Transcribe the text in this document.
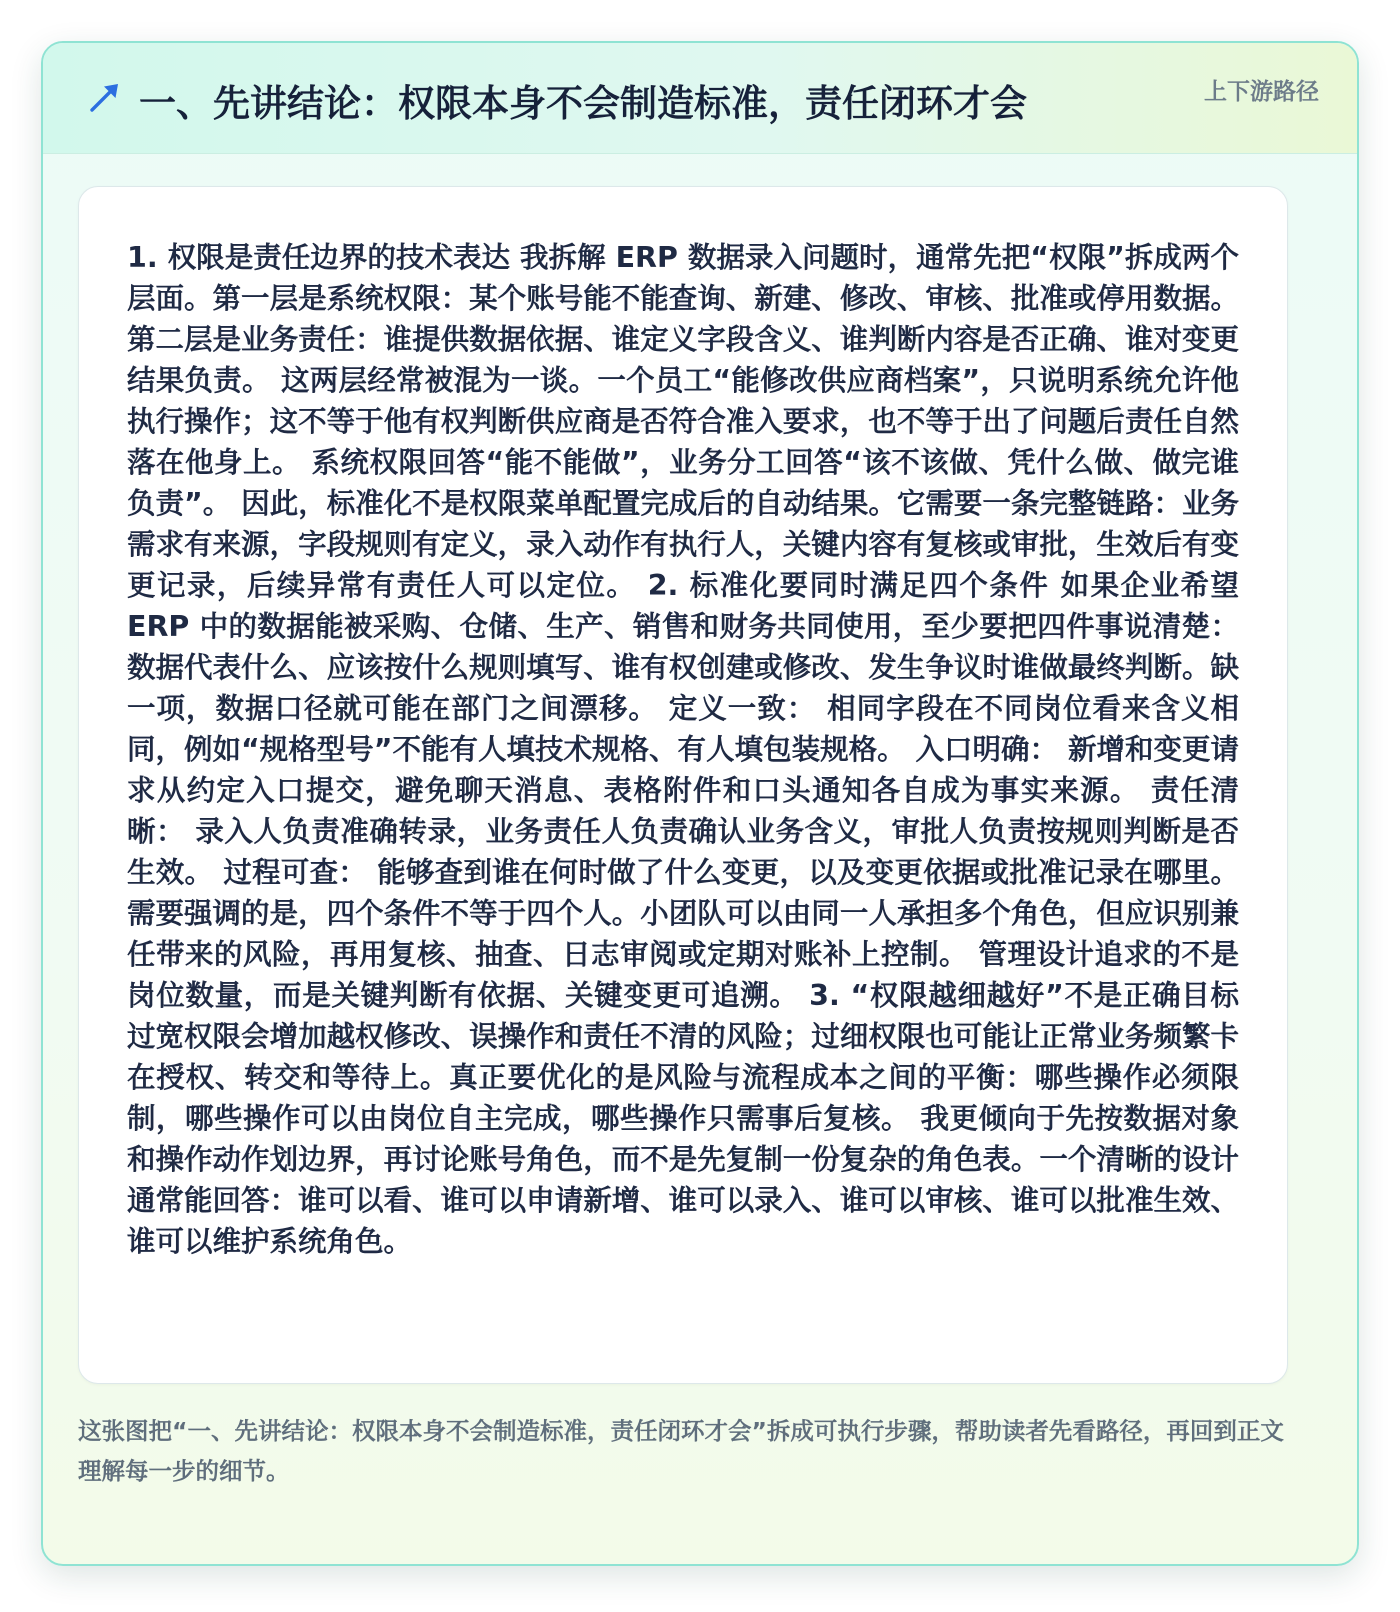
一、先讲结论：权限本身不会制造标准，责任闭环才会	上下游路径

1. 权限是责任边界的技术表达 我拆解 ERP 数据录入问题时，通常先把“权限”拆成两个层面。第一层是系统权限：某个账号能不能查询、新建、修改、审核、批准或停用数据。第二层是业务责任：谁提供数据依据、谁定义字段含义、谁判断内容是否正确、谁对变更结果负责。 这两层经常被混为一谈。一个员工“能修改供应商档案”，只说明系统允许他执行操作；这不等于他有权判断供应商是否符合准入要求，也不等于出了问题后责任自然落在他身上。 系统权限回答“能不能做”，业务分工回答“该不该做、凭什么做、做完谁负责”。 因此，标准化不是权限菜单配置完成后的自动结果。它需要一条完整链路：业务需求有来源，字段规则有定义，录入动作有执行人，关键内容有复核或审批，生效后有变更记录，后续异常有责任人可以定位。 2. 标准化要同时满足四个条件 如果企业希望 ERP 中的数据能被采购、仓储、生产、销售和财务共同使用，至少要把四件事说清楚：数据代表什么、应该按什么规则填写、谁有权创建或修改、发生争议时谁做最终判断。缺一项，数据口径就可能在部门之间漂移。 定义一致： 相同字段在不同岗位看来含义相同，例如“规格型号”不能有人填技术规格、有人填包装规格。 入口明确： 新增和变更请求从约定入口提交，避免聊天消息、表格附件和口头通知各自成为事实来源。 责任清晰： 录入人负责准确转录，业务责任人负责确认业务含义，审批人负责按规则判断是否生效。 过程可查： 能够查到谁在何时做了什么变更，以及变更依据或批准记录在哪里。 需要强调的是，四个条件不等于四个人。小团队可以由同一人承担多个角色，但应识别兼任带来的风险，再用复核、抽查、日志审阅或定期对账补上控制。 管理设计追求的不是岗位数量，而是关键判断有依据、关键变更可追溯。 3. “权限越细越好”不是正确目标 过宽权限会增加越权修改、误操作和责任不清的风险；过细权限也可能让正常业务频繁卡在授权、转交和等待上。真正要优化的是风险与流程成本之间的平衡：哪些操作必须限制，哪些操作可以由岗位自主完成，哪些操作只需事后复核。 我更倾向于先按数据对象和操作动作划边界，再讨论账号角色，而不是先复制一份复杂的角色表。一个清晰的设计通常能回答：谁可以看、谁可以申请新增、谁可以录入、谁可以审核、谁可以批准生效、谁可以维护系统角色。

这张图把“一、先讲结论：权限本身不会制造标准，责任闭环才会”拆成可执行步骤，帮助读者先看路径，再回到正文理解每一步的细节。
